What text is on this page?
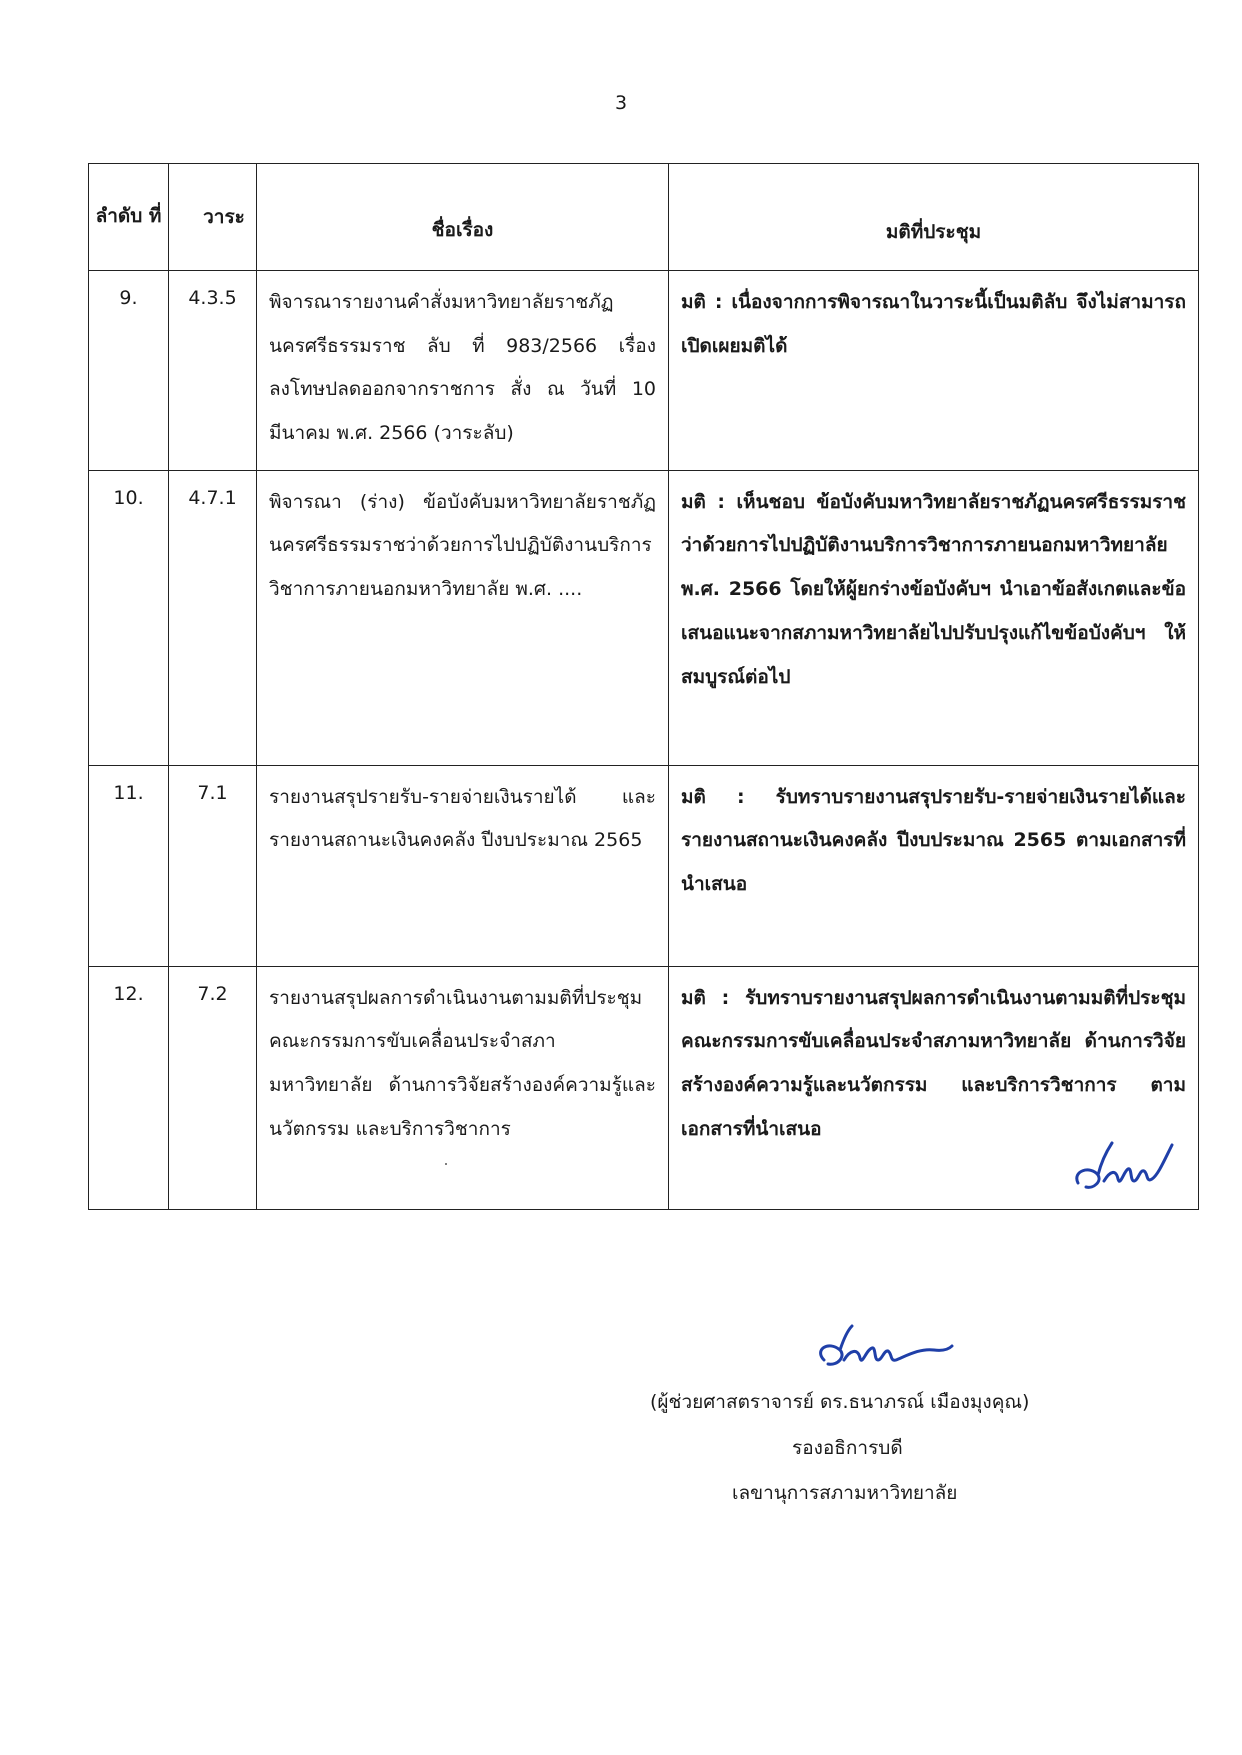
3
ลำดับ ที่	วาระ	ชื่อเรื่อง	มติที่ประชุม
9.	4.3.5	พิจารณารายงานคำสั่งมหาวิทยาลัยราชภัฏนครศรีธรรมราช ลับ ที่ 983/2566 เรื่อง ลงโทษปลดออกจากราชการ สั่ง ณ วันที่ 10 มีนาคม พ.ศ. 2566 (วาระลับ)	มติ : เนื่องจากการพิจารณาในวาระนี้เป็นมติลับ จึงไม่สามารถเปิดเผยมติได้
10.	4.7.1	พิจารณา (ร่าง) ข้อบังคับมหาวิทยาลัยราชภัฏนครศรีธรรมราชว่าด้วยการไปปฏิบัติงานบริการวิชาการภายนอกมหาวิทยาลัย พ.ศ. ....	มติ : เห็นชอบ ข้อบังคับมหาวิทยาลัยราชภัฏนครศรีธรรมราชว่าด้วยการไปปฏิบัติงานบริการวิชาการภายนอกมหาวิทยาลัย พ.ศ. 2566 โดยให้ผู้ยกร่างข้อบังคับฯ นำเอาข้อสังเกตและข้อเสนอแนะจากสภามหาวิทยาลัยไปปรับปรุงแก้ไขข้อบังคับฯ ให้สมบูรณ์ต่อไป
11.	7.1	รายงานสรุปรายรับ-รายจ่ายเงินรายได้ และรายงานสถานะเงินคงคลัง ปีงบประมาณ 2565	มติ : รับทราบรายงานสรุปรายรับ-รายจ่ายเงินรายได้และรายงานสถานะเงินคงคลัง ปีงบประมาณ 2565 ตามเอกสารที่นำเสนอ
12.	7.2	รายงานสรุปผลการดำเนินงานตามมติที่ประชุมคณะกรรมการขับเคลื่อนประจำสภามหาวิทยาลัย ด้านการวิจัยสร้างองค์ความรู้และนวัตกรรม และบริการวิชาการ	มติ : รับทราบรายงานสรุปผลการดำเนินงานตามมติที่ประชุมคณะกรรมการขับเคลื่อนประจำสภามหาวิทยาลัย ด้านการวิจัยสร้างองค์ความรู้และนวัตกรรม และบริการวิชาการ ตามเอกสารที่นำเสนอ
(ผู้ช่วยศาสตราจารย์ ดร.ธนาภรณ์ เมืองมุงคุณ)
รองอธิการบดี
เลขานุการสภามหาวิทยาลัย
